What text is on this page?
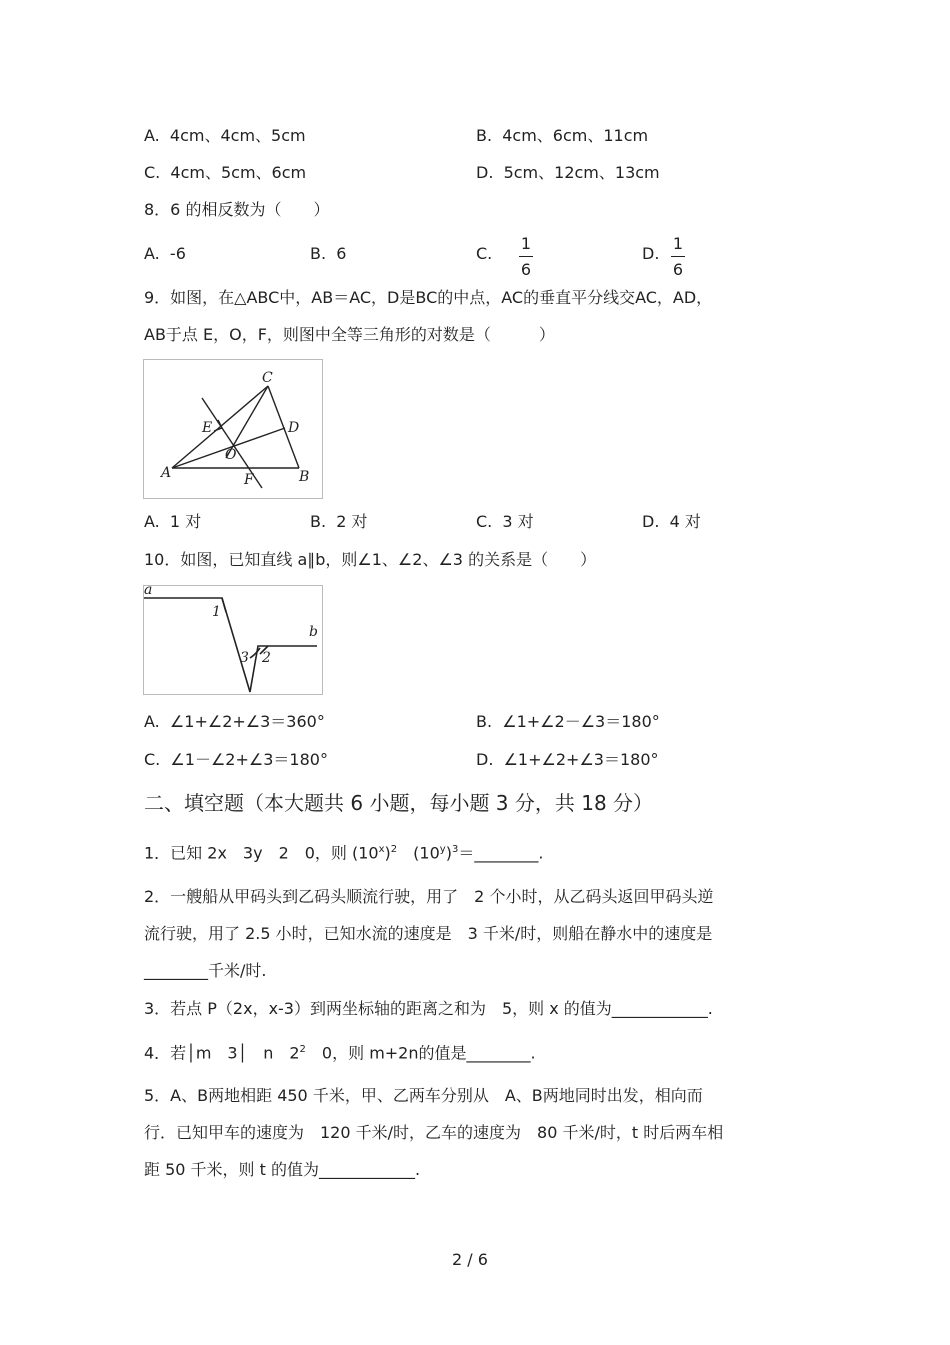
A.  4cm、4cm、5cm	B.  4cm、6cm、11cm
C.  4cm、5cm、6cm	D.  5cm、12cm、13cm
8．6 的相反数为（　　）
A.  -6	B.  6	C.
1
6
D.
1
6
9．如图，在△ABC中，AB＝AC，D是BC的中点，AC的垂直平分线交AC，AD，
AB于点 E，O，F，则图中全等三角形的对数是（　　　）
C
D
E
O
A	B
F
A.  1 对	B.  2 对	C.  3 对	D.  4 对
10．如图，已知直线 a∥b，则∠1、∠2、∠3 的关系是（　　）
a
b
1
2
3
A.  ∠1+∠2+∠3＝360°	B.  ∠1+∠2－∠3＝180°
C.  ∠1－∠2+∠3＝180°	D.  ∠1+∠2+∠3＝180°
二、填空题（本大题共 6 小题，每小题 3 分，共 18 分）
1．已知 2x　3y　2　0，则 $(10^x)^2$　$(10^y)^3=\_\_\_\_\_\_\_\_$.
2．一艘船从甲码头到乙码头顺流行驶，用了　2 个小时，从乙码头返回甲码头逆
流行驶，用了 2.5 小时，已知水流的速度是　3 千米/时，则船在静水中的速度是
________千米/时.
3．若点 P（2x，x-3）到两坐标轴的距离之和为　5，则 x 的值为____________.
4．若│m　3│　n　$2^2$　0，则 m+2n的值是________.
5．A、B两地相距 450 千米，甲、乙两车分别从　A、B两地同时出发，相向而
行．已知甲车的速度为　120 千米/时，乙车的速度为　80 千米/时，t 时后两车相
距 50 千米，则 t 的值为____________.
2 / 6
